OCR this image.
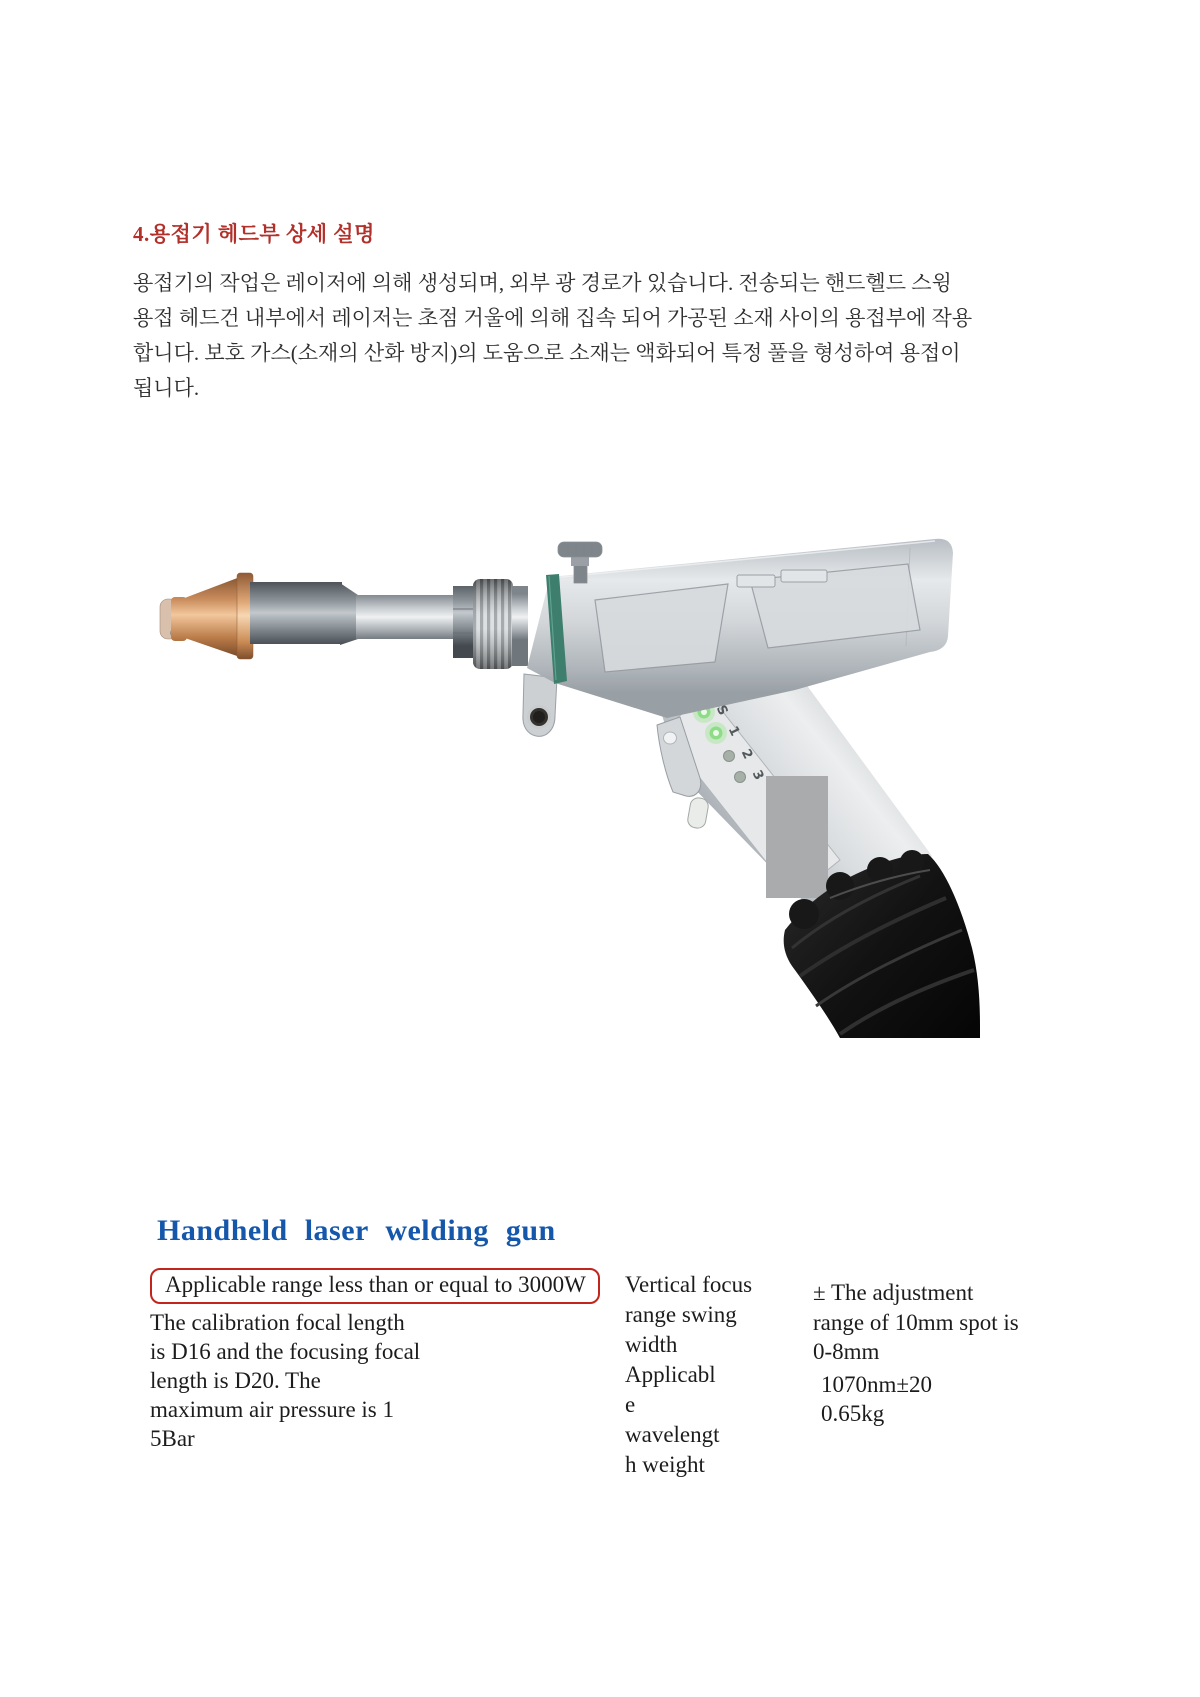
4.용접기 헤드부 상세 설명
용접기의 작업은 레이저에 의해 생성되며, 외부 광 경로가 있습니다. 전송되는 핸드헬드 스윙
용접 헤드건 내부에서 레이저는 초점 거울에 의해 집속 되어 가공된 소재 사이의 용접부에 작용
합니다. 보호 가스(소재의 산화 방지)의 도움으로 소재는 액화되어 특정 풀을 형성하여 용접이
됩니다.
S
1
2
3
Handheld laser welding gun
Applicable range less than or equal to 3000W
The calibration focal length
is D16 and the focusing focal
length is D20. The
maximum air pressure is 1
5Bar
Vertical focus
range swing
width
Applicabl
e
wavelengt
h weight
± The adjustment
range of 10mm spot is
0-8mm
1070nm±20
0.65kg
